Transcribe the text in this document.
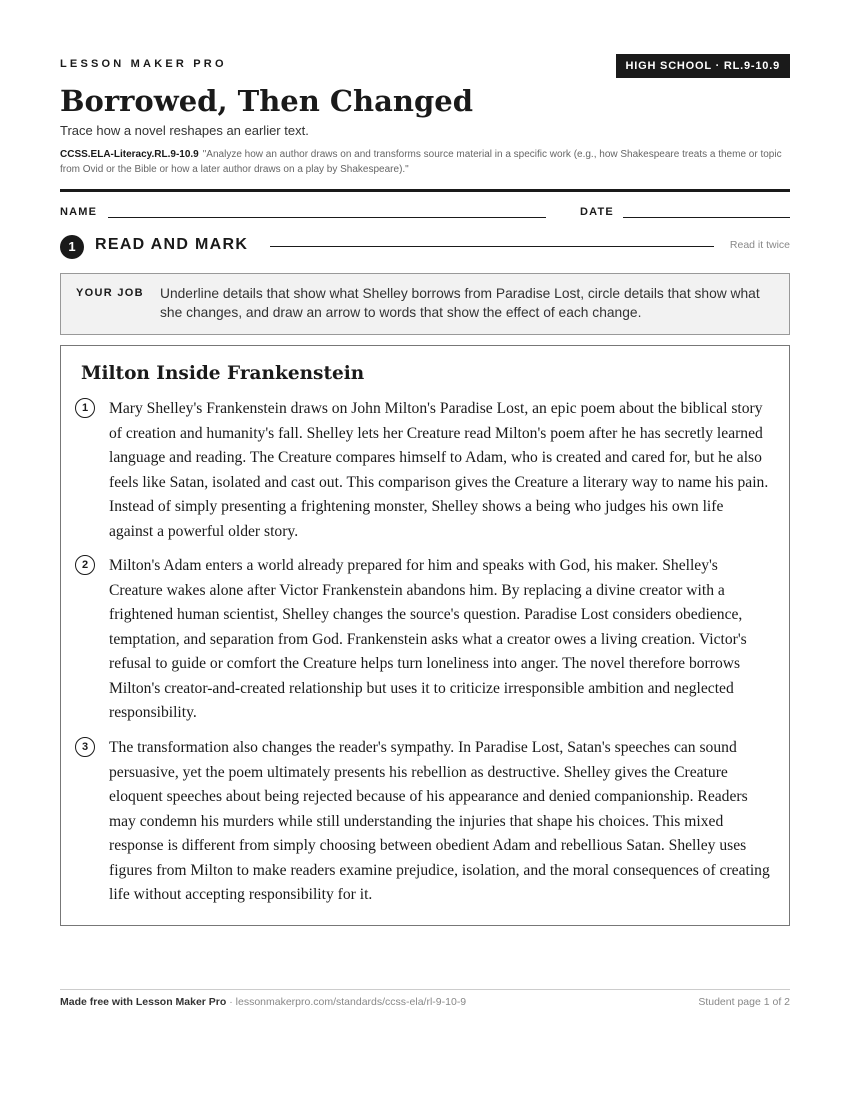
LESSON MAKER PRO	HIGH SCHOOL · RL.9-10.9
Borrowed, Then Changed
Trace how a novel reshapes an earlier text.
CCSS.ELA-Literacy.RL.9-10.9 "Analyze how an author draws on and transforms source material in a specific work (e.g., how Shakespeare treats a theme or topic from Ovid or the Bible or how a later author draws on a play by Shakespeare)."
NAME	DATE
1	READ AND MARK	Read it twice
YOUR JOB Underline details that show what Shelley borrows from Paradise Lost, circle details that show what she changes, and draw an arrow to words that show the effect of each change.
Milton Inside Frankenstein
1	Mary Shelley's Frankenstein draws on John Milton's Paradise Lost, an epic poem about the biblical story of creation and humanity's fall. Shelley lets her Creature read Milton's poem after he has secretly learned language and reading. The Creature compares himself to Adam, who is created and cared for, but he also feels like Satan, isolated and cast out. This comparison gives the Creature a literary way to name his pain. Instead of simply presenting a frightening monster, Shelley shows a being who judges his own life against a powerful older story.
2	Milton's Adam enters a world already prepared for him and speaks with God, his maker. Shelley's Creature wakes alone after Victor Frankenstein abandons him. By replacing a divine creator with a frightened human scientist, Shelley changes the source's question. Paradise Lost considers obedience, temptation, and separation from God. Frankenstein asks what a creator owes a living creation. Victor's refusal to guide or comfort the Creature helps turn loneliness into anger. The novel therefore borrows Milton's creator-and-created relationship but uses it to criticize irresponsible ambition and neglected responsibility.
3	The transformation also changes the reader's sympathy. In Paradise Lost, Satan's speeches can sound persuasive, yet the poem ultimately presents his rebellion as destructive. Shelley gives the Creature eloquent speeches about being rejected because of his appearance and denied companionship. Readers may condemn his murders while still understanding the injuries that shape his choices. This mixed response is different from simply choosing between obedient Adam and rebellious Satan. Shelley uses figures from Milton to make readers examine prejudice, isolation, and the moral consequences of creating life without accepting responsibility for it.
Made free with Lesson Maker Pro · lessonmakerpro.com/standards/ccss-ela/rl-9-10-9	Student page 1 of 2
